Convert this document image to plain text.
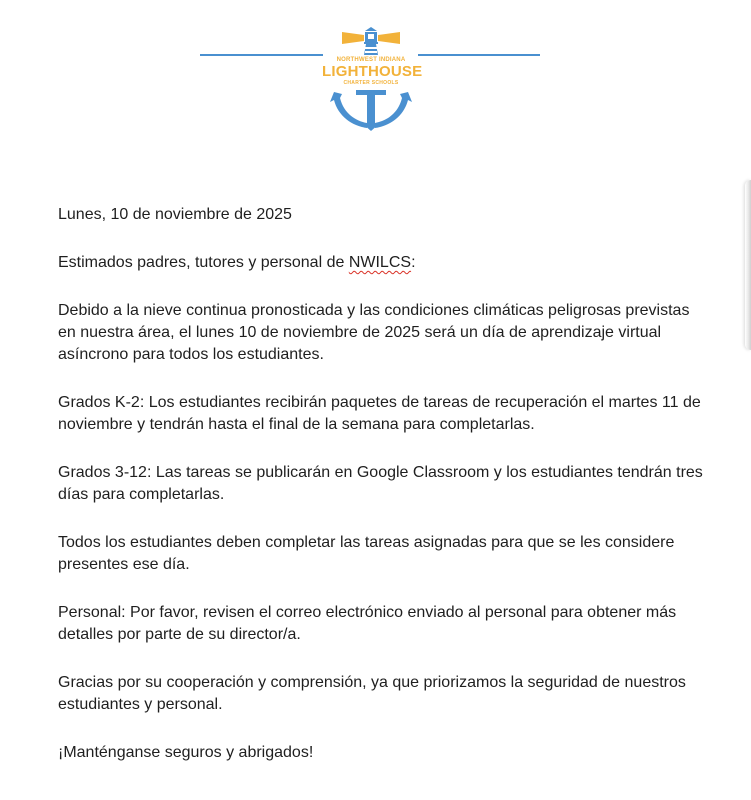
NORTHWEST INDIANA
LIGHTHOUSE
CHARTER SCHOOLS

Lunes, 10 de noviembre de 2025

Estimados padres, tutores y personal de NWILCS:

Debido a la nieve continua pronosticada y las condiciones climáticas peligrosas previstas en nuestra área, el lunes 10 de noviembre de 2025 será un día de aprendizaje virtual asíncrono para todos los estudiantes.

Grados K-2: Los estudiantes recibirán paquetes de tareas de recuperación el martes 11 de noviembre y tendrán hasta el final de la semana para completarlas.

Grados 3-12: Las tareas se publicarán en Google Classroom y los estudiantes tendrán tres días para completarlas.

Todos los estudiantes deben completar las tareas asignadas para que se les considere presentes ese día.

Personal: Por favor, revisen el correo electrónico enviado al personal para obtener más detalles por parte de su director/a.

Gracias por su cooperación y comprensión, ya que priorizamos la seguridad de nuestros estudiantes y personal.

¡Manténganse seguros y abrigados!
